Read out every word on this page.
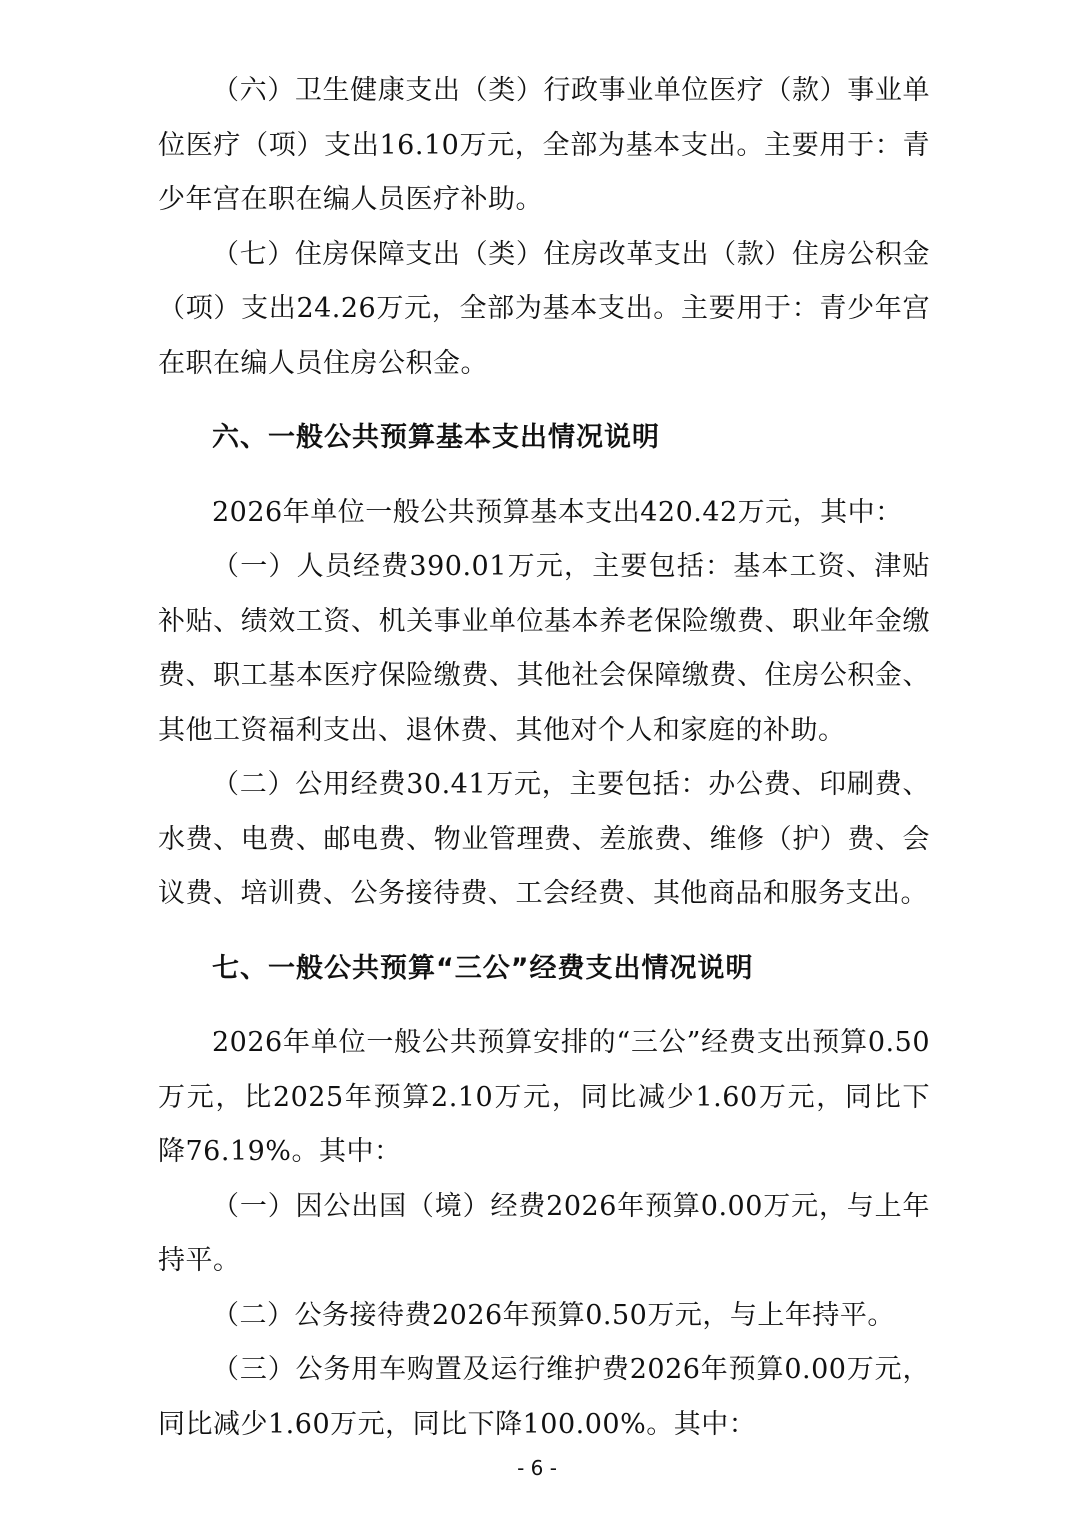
（六）卫生健康支出（类）行政事业单位医疗（款）事业单位医疗（项）支出16.10万元，全部为基本支出。主要用于：青少年宫在职在编人员医疗补助。

（七）住房保障支出（类）住房改革支出（款）住房公积金（项）支出24.26万元，全部为基本支出。主要用于：青少年宫在职在编人员住房公积金。

六、一般公共预算基本支出情况说明

2026年单位一般公共预算基本支出420.42万元，其中：

（一）人员经费390.01万元，主要包括：基本工资、津贴补贴、绩效工资、机关事业单位基本养老保险缴费、职业年金缴费、职工基本医疗保险缴费、其他社会保障缴费、住房公积金、其他工资福利支出、退休费、其他对个人和家庭的补助。

（二）公用经费30.41万元，主要包括：办公费、印刷费、水费、电费、邮电费、物业管理费、差旅费、维修（护）费、会议费、培训费、公务接待费、工会经费、其他商品和服务支出。

七、一般公共预算“三公”经费支出情况说明

2026年单位一般公共预算安排的“三公”经费支出预算0.50万元，比2025年预算2.10万元，同比减少1.60万元，同比下降76.19%。其中：

（一）因公出国（境）经费2026年预算0.00万元，与上年持平。

（二）公务接待费2026年预算0.50万元，与上年持平。

（三）公务用车购置及运行维护费2026年预算0.00万元，同比减少1.60万元，同比下降100.00%。其中：

- 6 -
